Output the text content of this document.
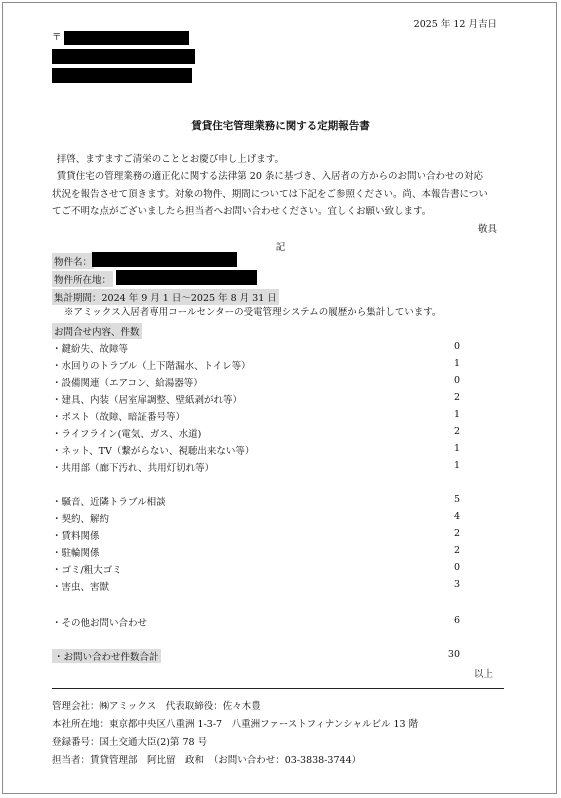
2025 年 12 月吉日
〒
賃貸住宅管理業務に関する定期報告書

拝啓、ますますご清栄のこととお慶び申し上げます。

賃貸住宅の管理業務の適正化に関する法律第 20 条に基づき、入居者の方からのお問い合わせの対応状況を報告させて頂きます。対象の物件、期間については下記をご参照ください。尚、本報告書についてご不明な点がございましたら担当者へお問い合わせください。宜しくお願い致します。

敬具
記
物件名：
物件所在地：
集計期間：2024 年 9 月 1 日～2025 年 8 月 31 日
※アミックス入居者専用コールセンターの受電管理システムの履歴から集計しています。
お問合せ内容、件数
・鍵紛失、故障等	0
・水回りのトラブル（上下階漏水、トイレ等）	1
・設備関連（エアコン、給湯器等）	0
・建具、内装（居室扉調整、壁紙剥がれ等）	2
・ポスト（故障、暗証番号等）	1
・ライフライン(電気、ガス、水道)	2
・ネット、TV（繋がらない、視聴出来ない等）	1
・共用部（廊下汚れ、共用灯切れ等）	1
・騒音、近隣トラブル相談	5
・契約、解約	4
・賃料関係	2
・駐輪関係	2
・ゴミ/粗大ゴミ	0
・害虫、害獣	3
・その他お問い合わせ	6
・お問い合わせ件数合計	30
以上
管理会社：㈱アミックス　代表取締役：佐々木豊
本社所在地：東京都中央区八重洲 1-3-7　八重洲ファーストフィナンシャルビル 13 階
登録番号：国土交通大臣(2)第 78 号
担当者：賃貸管理部　阿比留　政和　（お問い合わせ：03-3838-3744）
